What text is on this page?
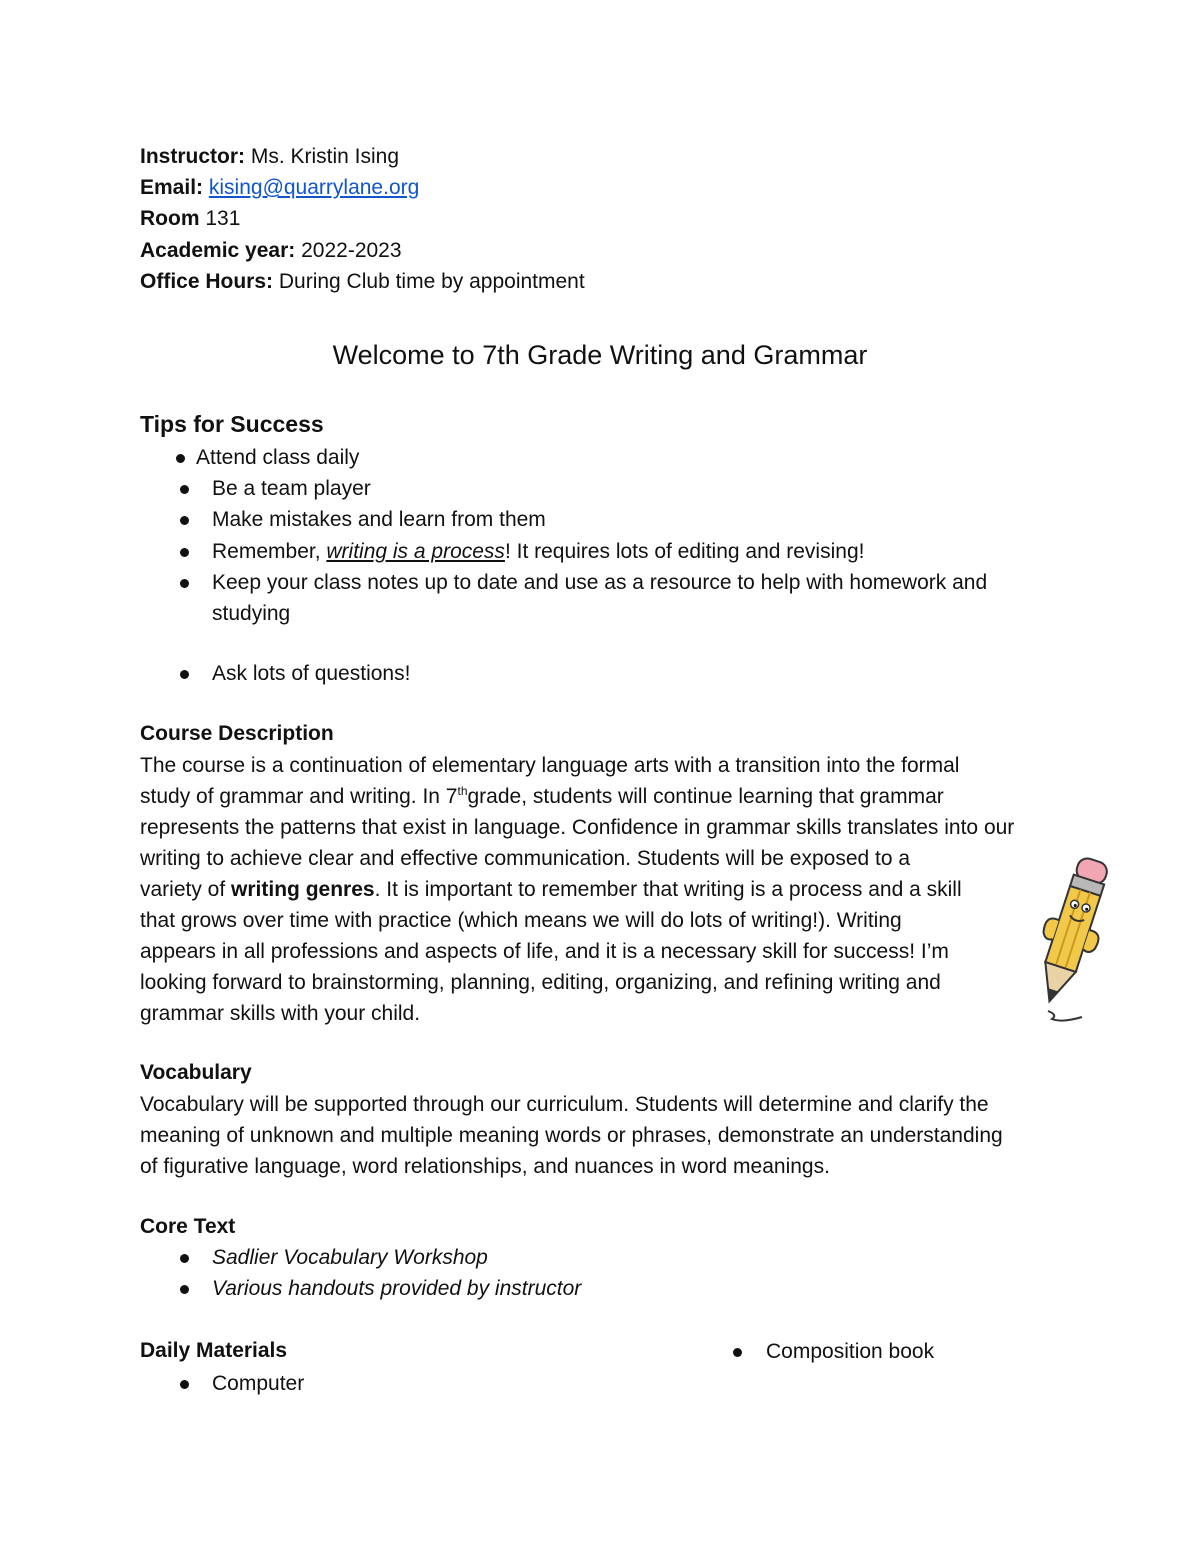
Instructor: Ms. Kristin Ising
Email: kising@quarrylane.org
Room 131
Academic year: 2022-2023
Office Hours: During Club time by appointment
Welcome to 7th Grade Writing and Grammar
Tips for Success
Attend class daily
Be a team player
Make mistakes and learn from them
Remember, writing is a process! It requires lots of editing and revising!
Keep your class notes up to date and use as a resource to help with homework and
studying
Ask lots of questions!
Course Description
The course is a continuation of elementary language arts with a transition into the formal
study of grammar and writing. In 7thgrade, students will continue learning that grammar
represents the patterns that exist in language. Confidence in grammar skills translates into our
writing to achieve clear and effective communication. Students will be exposed to a
variety of writing genres. It is important to remember that writing is a process and a skill
that grows over time with practice (which means we will do lots of writing!). Writing
appears in all professions and aspects of life, and it is a necessary skill for success! I’m
looking forward to brainstorming, planning, editing, organizing, and refining writing and
grammar skills with your child.
Vocabulary
Vocabulary will be supported through our curriculum. Students will determine and clarify the
meaning of unknown and multiple meaning words or phrases, demonstrate an understanding
of figurative language, word relationships, and nuances in word meanings.
Core Text
Sadlier Vocabulary Workshop
Various handouts provided by instructor
Daily Materials
Computer
Composition book
